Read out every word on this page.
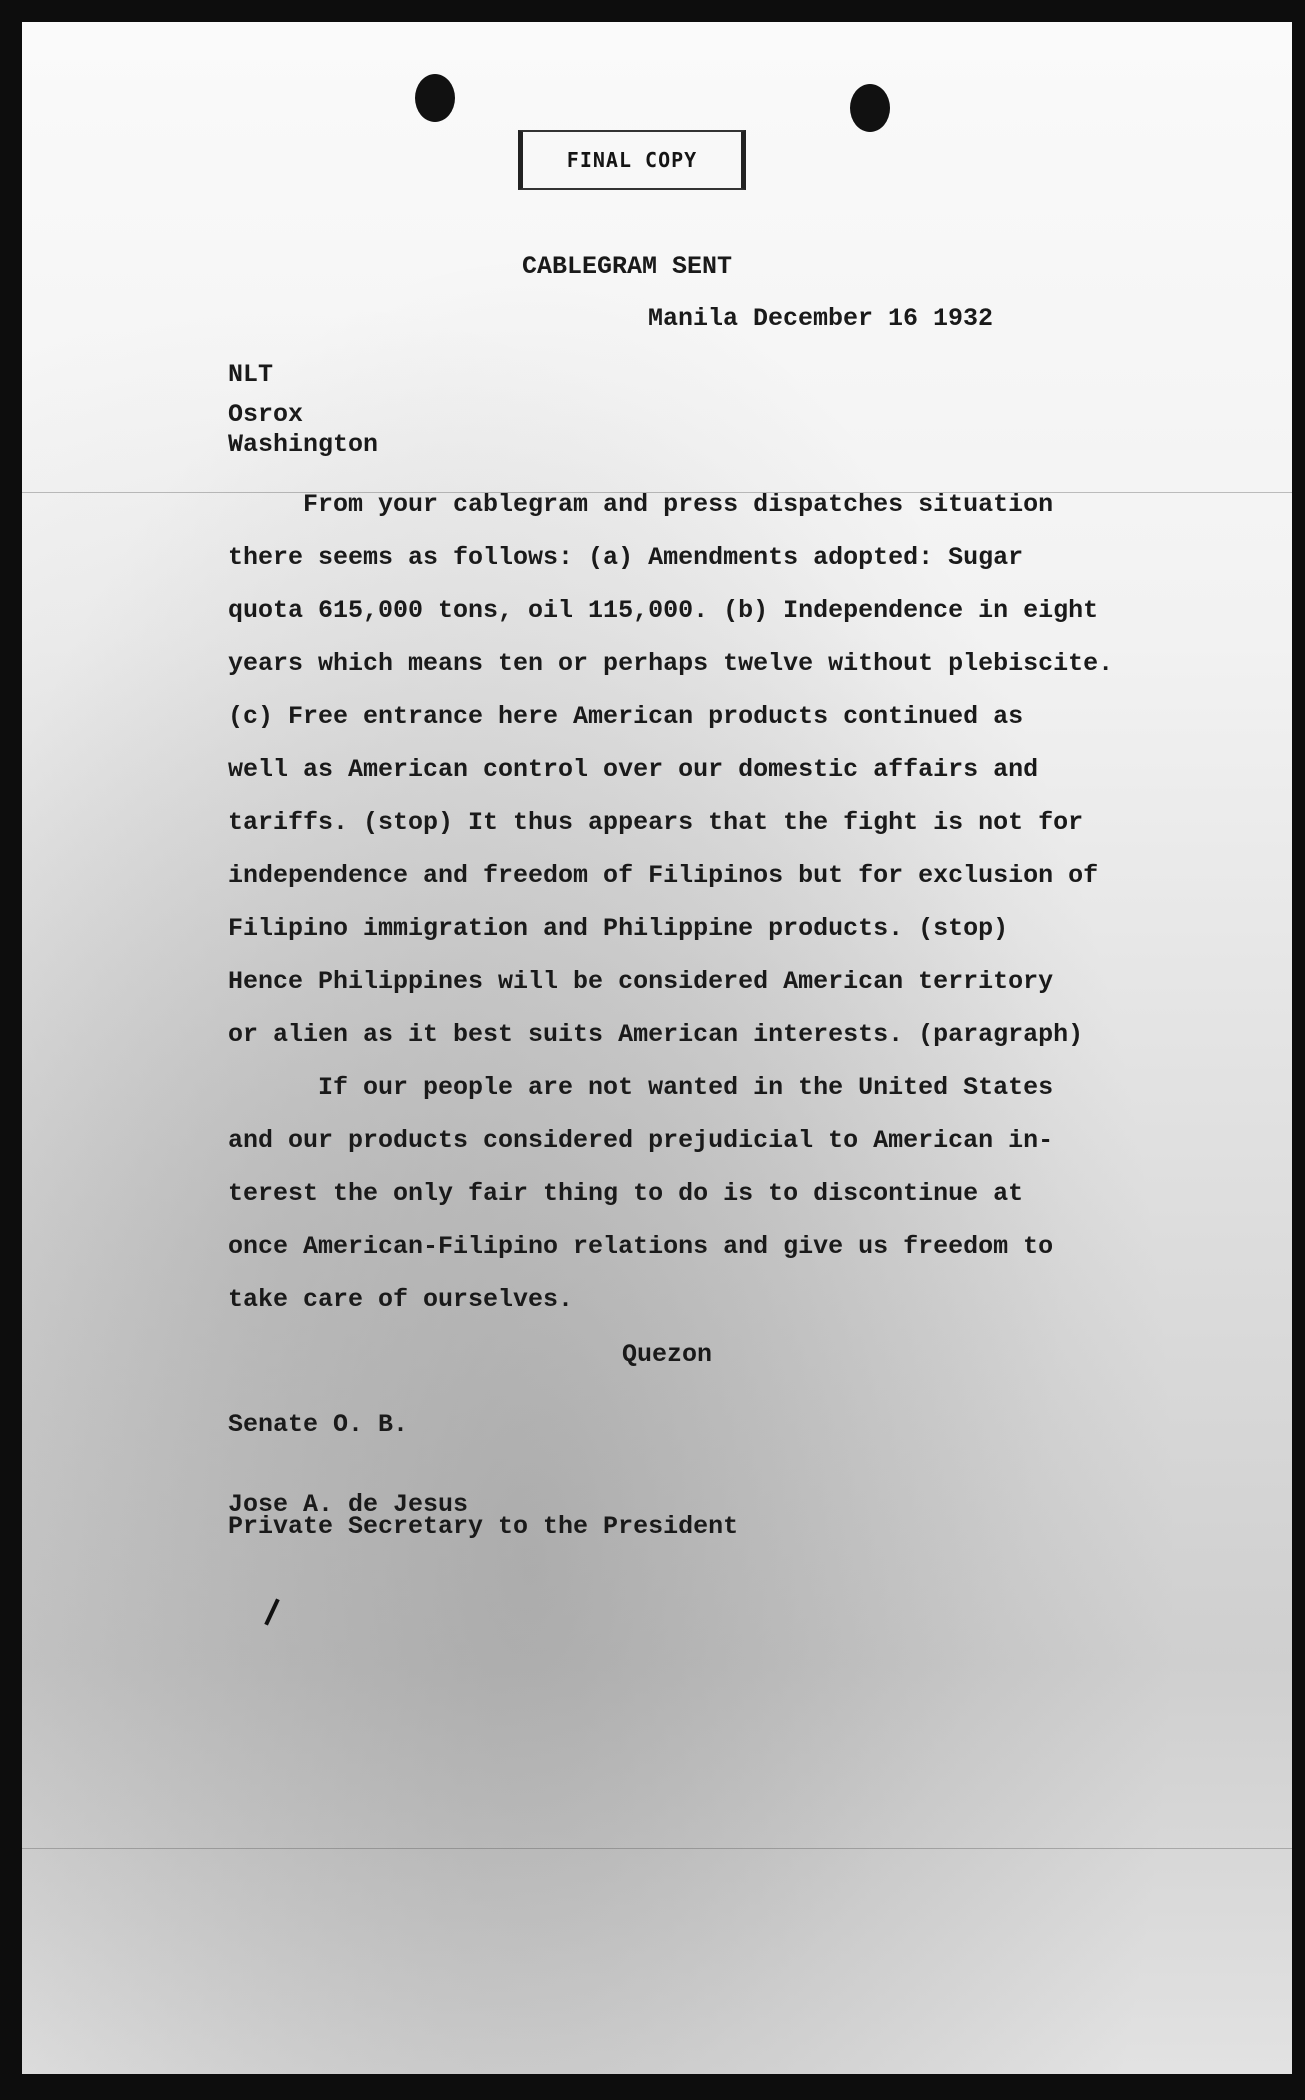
FINAL COPY
CABLEGRAM SENT
Manila December 16 1932
NLT
Osrox
Washington
From your cablegram and press dispatches situation
there seems as follows: (a) Amendments adopted: Sugar
quota 615,000 tons, oil 115,000. (b) Independence in eight
years which means ten or perhaps twelve without plebiscite.
(c) Free entrance here American products continued as
well as American control over our domestic affairs and
tariffs. (stop) It thus appears that the fight is not for
independence and freedom of Filipinos but for exclusion of
Filipino immigration and Philippine products. (stop)
Hence Philippines will be considered American territory
or alien as it best suits American interests. (paragraph)
If our people are not wanted in the United States
and our products considered prejudicial to American in-
terest the only fair thing to do is to discontinue at
once American-Filipino relations and give us freedom to
take care of ourselves.
Quezon
Senate O. B.
Jose A. de Jesus
Private Secretary to the President
